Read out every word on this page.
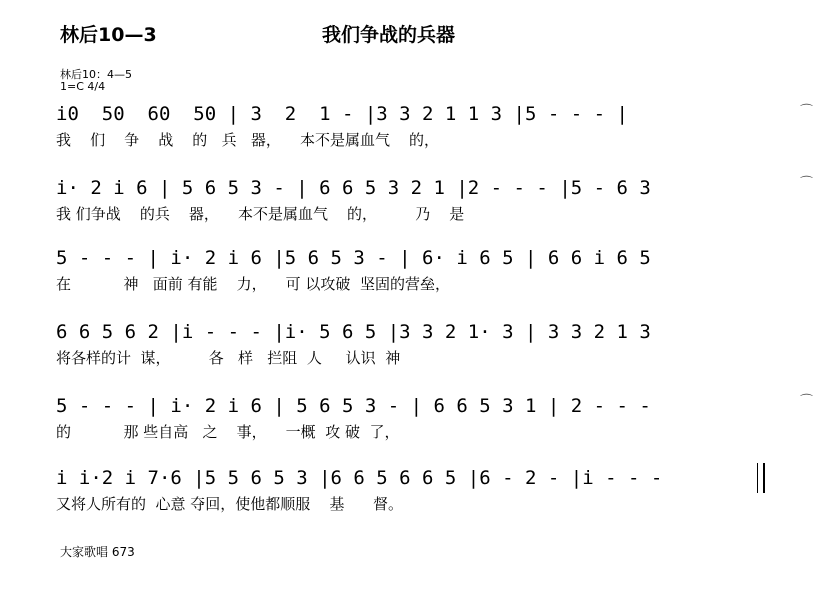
林后10—3	我们争战的兵器
林后10：4—5
1=C 4/4
i0  50  60  50 | 3  2  1 - |3 3 2 1 1 3 |5 - - - |
我    们    争    战    的   兵   器，    本不是属血气    的，
i· 2 i 6 | 5 6 5 3 - | 6 6 5 3 2 1 |2 - - - |5 - 6 3
我 们争战    的兵    器，    本不是属血气    的，        乃    是
5 - - - | i· 2 i 6 |5 6 5 3 - | 6· i 6 5 | 6 6 i 6 5
在           神   面前 有能    力，    可 以攻破  坚固的营垒，
6 6 5 6 2 |i - - - |i· 5 6 5 |3 3 2 1· 3 | 3 3 2 1 3
将各样的计  谋，        各   样   拦阻  人     认识  神
5 - - - | i· 2 i 6 | 5 6 5 3 - | 6 6 5 3 1 | 2 - - -
的           那 些自高   之    事，    一概  攻 破  了，
i i·2 i 7·6 |5 5 6 5 3 |6 6 5 6 6 5 |6 - 2 - |i - - -
又将人所有的  心意 夺回，使他都顺服    基      督。
⌒
⌒
⌒
大家歌唱 673
